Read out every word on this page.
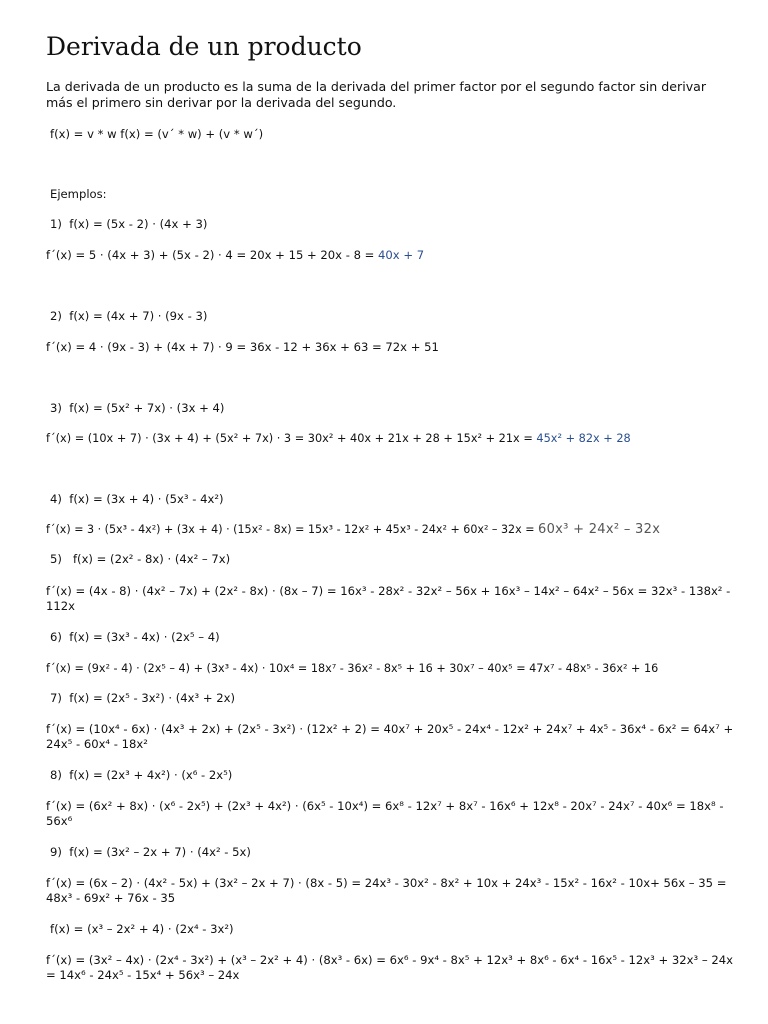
Derivada de un producto
La derivada de un producto es la suma de la derivada del primer factor por el segundo factor sin derivar más el primero sin derivar por la derivada del segundo.
f(x) = v * w f(x) = (v´ * w) + (v * w´)
Ejemplos:
1) f(x) = (5x - 2) · (4x + 3)
f´(x) = 5 · (4x + 3) + (5x - 2) · 4 = 20x + 15 + 20x - 8 = 40x + 7
2) f(x) = (4x + 7) · (9x - 3)
f´(x) = 4 · (9x - 3) + (4x + 7) · 9 = 36x - 12 + 36x + 63 = 72x + 51
3) f(x) = (5x² + 7x) · (3x + 4)
f´(x) = (10x + 7) · (3x + 4) + (5x² + 7x) · 3 = 30x² + 40x + 21x + 28 + 15x² + 21x = 45x² + 82x + 28
4) f(x) = (3x + 4) · (5x³ - 4x²)
f´(x) = 3 · (5x³ - 4x²) + (3x + 4) · (15x² - 8x) = 15x³ - 12x² + 45x³ - 24x² + 60x² – 32x = 60x³ + 24x² – 32x
5) f(x) = (2x² - 8x) · (4x² – 7x)
f´(x) = (4x - 8) · (4x² – 7x) + (2x² - 8x) · (8x – 7) = 16x³ - 28x² - 32x² – 56x + 16x³ – 14x² – 64x² – 56x = 32x³ - 138x² - 112x
6) f(x) = (3x³ - 4x) · (2x⁵ – 4)
f´(x) = (9x² - 4) · (2x⁵ – 4) + (3x³ - 4x) · 10x⁴ = 18x⁷ - 36x² - 8x⁵ + 16 + 30x⁷ – 40x⁵ = 47x⁷ - 48x⁵ - 36x² + 16
7) f(x) = (2x⁵ - 3x²) · (4x³ + 2x)
f´(x) = (10x⁴ - 6x) · (4x³ + 2x) + (2x⁵ - 3x²) · (12x² + 2) = 40x⁷ + 20x⁵ - 24x⁴ - 12x² + 24x⁷ + 4x⁵ - 36x⁴ - 6x² = 64x⁷ + 24x⁵ - 60x⁴ - 18x²
8) f(x) = (2x³ + 4x²) · (x⁶ - 2x⁵)
f´(x) = (6x² + 8x) · (x⁶ - 2x⁵) + (2x³ + 4x²) · (6x⁵ - 10x⁴) = 6x⁸ - 12x⁷ + 8x⁷ - 16x⁶ + 12x⁸ - 20x⁷ - 24x⁷ - 40x⁶ = 18x⁸ - 56x⁶
9) f(x) = (3x² – 2x + 7) · (4x² - 5x)
f´(x) = (6x – 2) · (4x² - 5x) + (3x² – 2x + 7) · (8x - 5) = 24x³ - 30x² - 8x² + 10x + 24x³ - 15x² - 16x² - 10x+ 56x – 35 = 48x³ - 69x² + 76x - 35
f(x) = (x³ – 2x² + 4) · (2x⁴ - 3x²)
f´(x) = (3x² – 4x) · (2x⁴ - 3x²) + (x³ – 2x² + 4) · (8x³ - 6x) = 6x⁶ - 9x⁴ - 8x⁵ + 12x³ + 8x⁶ - 6x⁴ - 16x⁵ - 12x³ + 32x³ – 24x = 14x⁶ - 24x⁵ - 15x⁴ + 56x³ – 24x
